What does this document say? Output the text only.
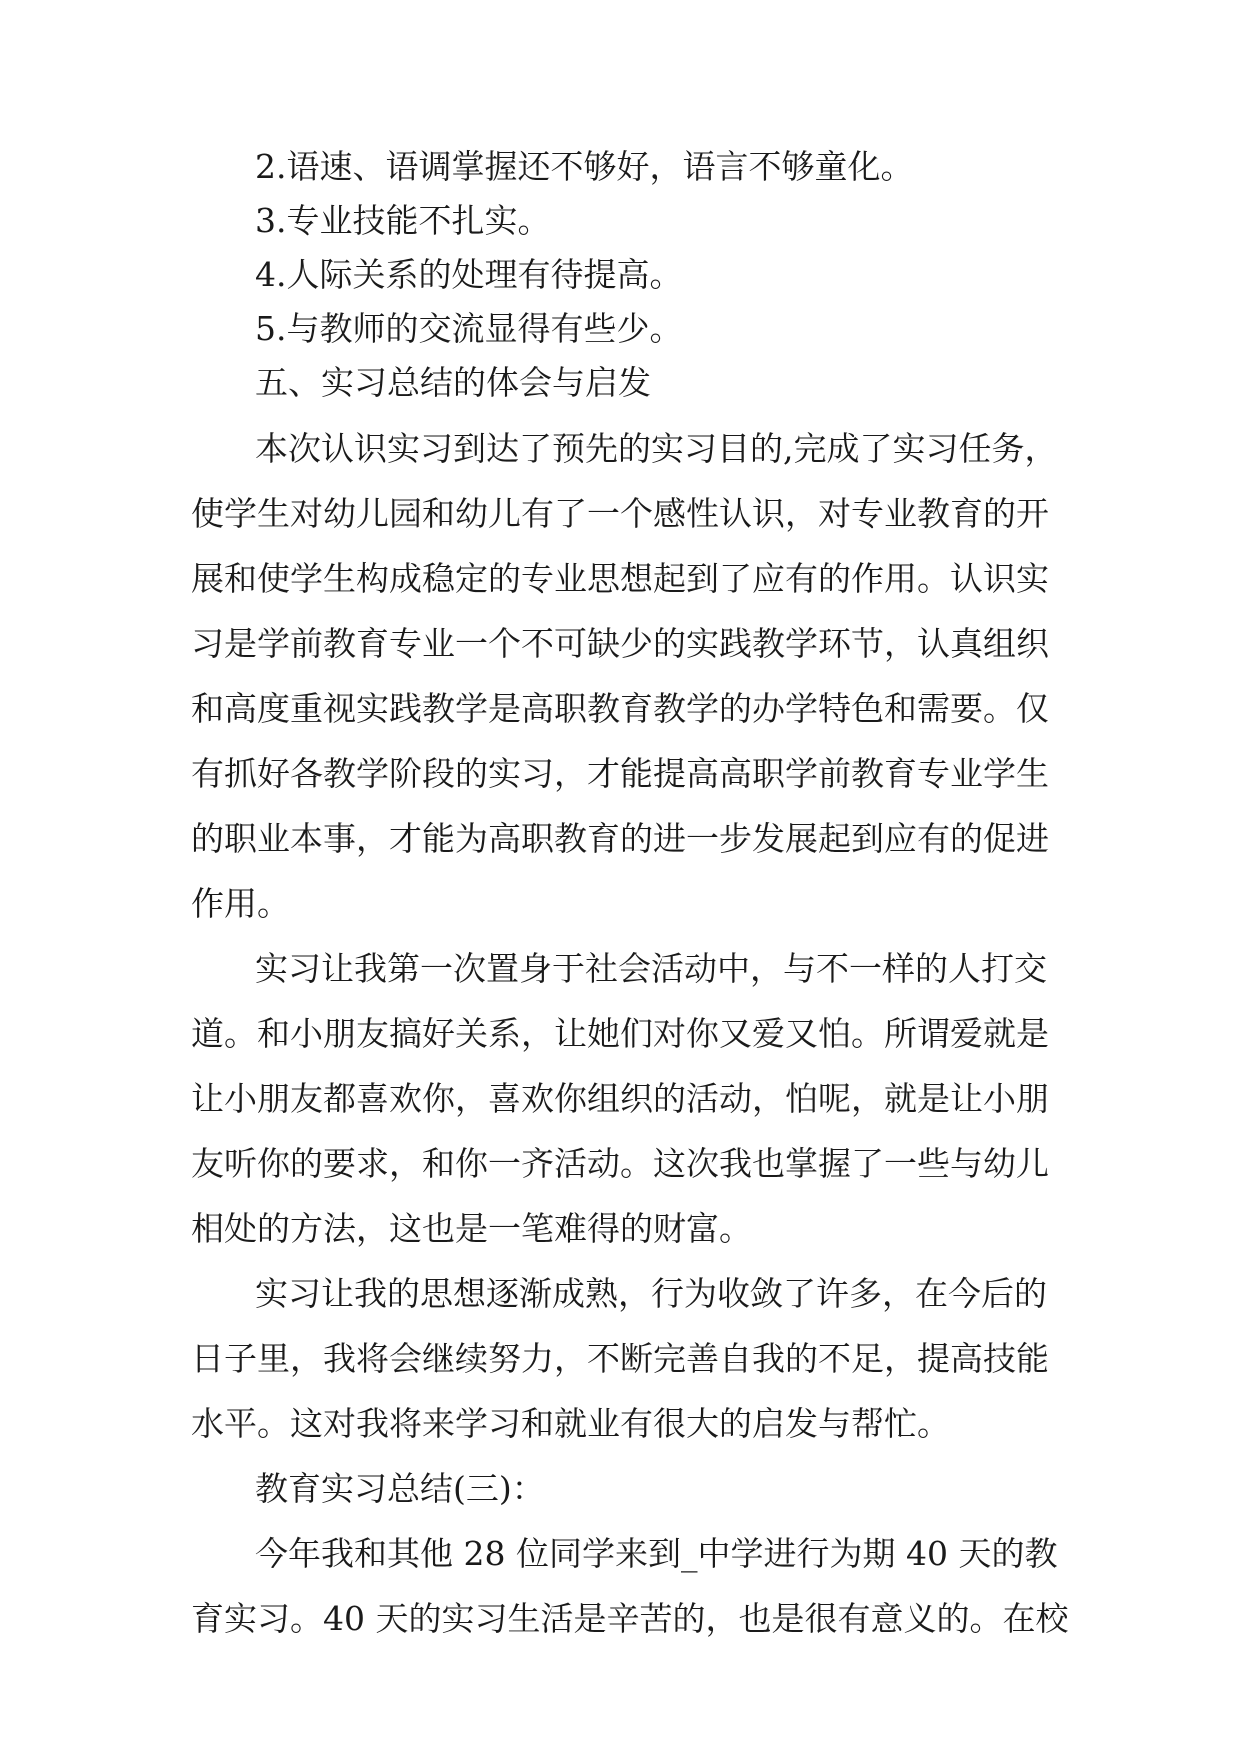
2.语速、语调掌握还不够好，语言不够童化。

3.专业技能不扎实。

4.人际关系的处理有待提高。

5.与教师的交流显得有些少。

五、实习总结的体会与启发

本次认识实习到达了预先的实习目的,完成了实习任务，

使学生对幼儿园和幼儿有了一个感性认识，对专业教育的开

展和使学生构成稳定的专业思想起到了应有的作用。认识实

习是学前教育专业一个不可缺少的实践教学环节，认真组织

和高度重视实践教学是高职教育教学的办学特色和需要。仅

有抓好各教学阶段的实习，才能提高高职学前教育专业学生

的职业本事，才能为高职教育的进一步发展起到应有的促进

作用。

实习让我第一次置身于社会活动中，与不一样的人打交

道。和小朋友搞好关系，让她们对你又爱又怕。所谓爱就是

让小朋友都喜欢你，喜欢你组织的活动，怕呢，就是让小朋

友听你的要求，和你一齐活动。这次我也掌握了一些与幼儿

相处的方法，这也是一笔难得的财富。

实习让我的思想逐渐成熟，行为收敛了许多，在今后的

日子里，我将会继续努力，不断完善自我的不足，提高技能

水平。这对我将来学习和就业有很大的启发与帮忙。

教育实习总结(三)：

今年我和其他 28 位同学来到_中学进行为期 40 天的教

育实习。40 天的实习生活是辛苦的，也是很有意义的。在校
